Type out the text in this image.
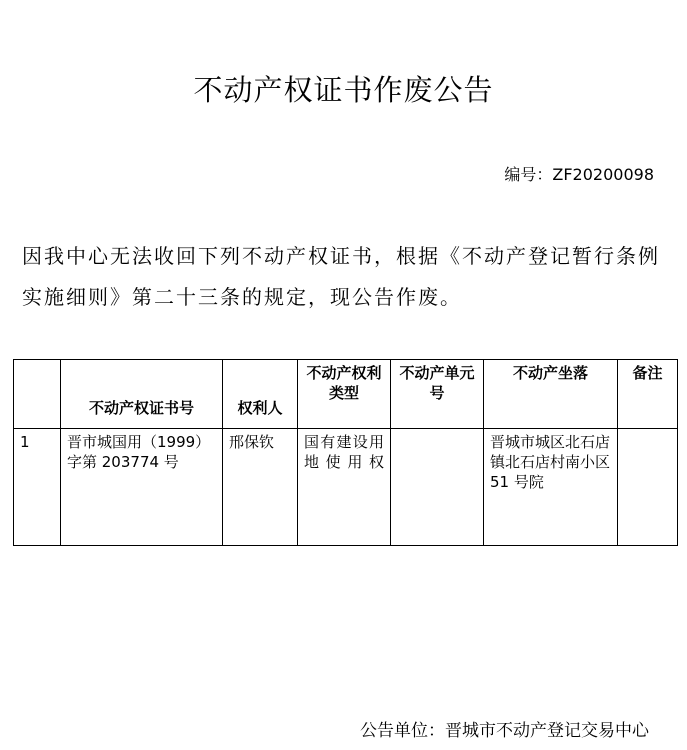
不动产权证书作废公告
编号：ZF20200098
因我中心无法收回下列不动产权证书，根据《不动产登记暂行条例实施细则》第二十三条的规定，现公告作废。
	不动产权证书号	权利人	不动产权利类型	不动产单元号	不动产坐落	备注
1	晋市城国用（1999）字第 203774 号	邢保钦	国有建设用地使用权		晋城市城区北石店镇北石店村南小区 51 号院	
公告单位：晋城市不动产登记交易中心
